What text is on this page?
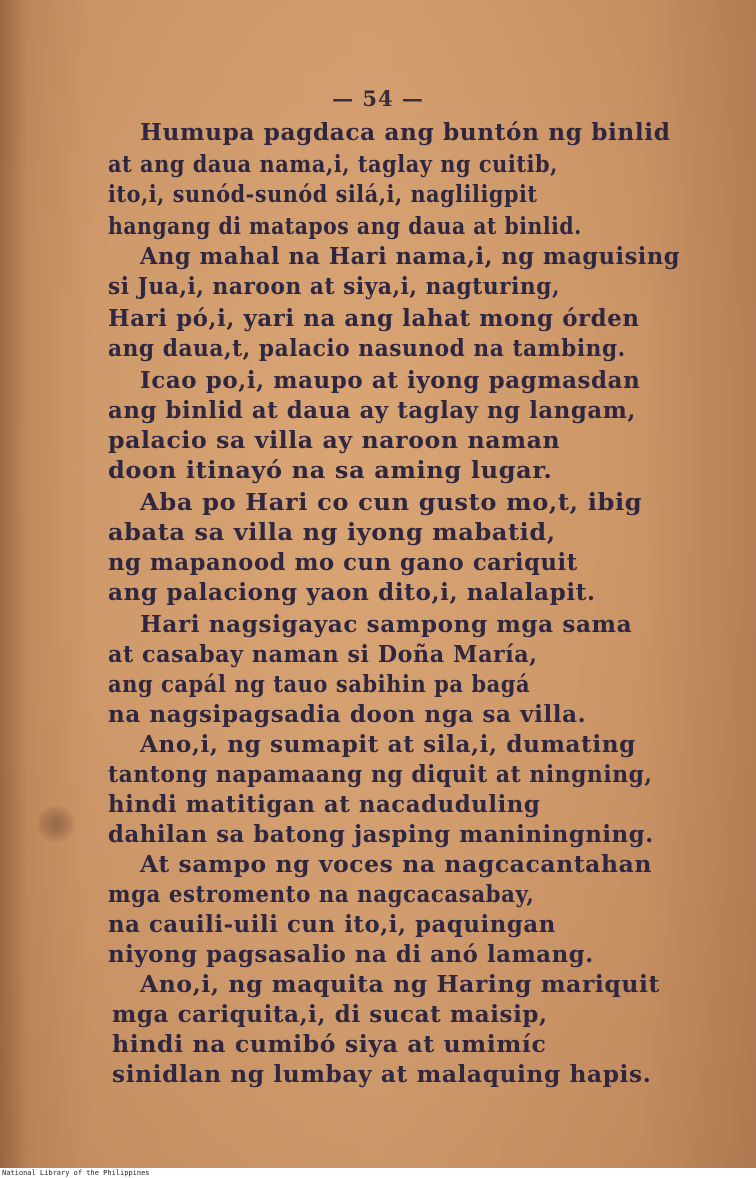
— 54 —
Humupa pagdaca ang buntón ng binlid
at ang daua nama,i, taglay ng cuitib,
ito,i, sunód-sunód silá,i, nagliligpit
hangang di matapos ang daua at binlid.
Ang mahal na Hari nama,i, ng maguising
si Jua,i, naroon at siya,i, nagturing,
Hari pó,i, yari na ang lahat mong órden
ang daua,t, palacio nasunod na tambing.
Icao po,i, maupo at iyong pagmasdan
ang binlid at daua ay taglay ng langam,
palacio sa villa ay naroon naman
doon itinayó na sa aming lugar.
Aba po Hari co cun gusto mo,t, ibig
abata sa villa ng iyong mabatid,
ng mapanood mo cun gano cariquit
ang palaciong yaon dito,i, nalalapit.
Hari nagsigayac sampong mga sama
at casabay naman si Doña María,
ang capál ng tauo sabihin pa bagá
na nagsipagsadia doon nga sa villa.
Ano,i, ng sumapit at sila,i, dumating
tantong napamaang ng diquit at ningning,
hindi matitigan at nacaduduling
dahilan sa batong jasping maniningning.
At sampo ng voces na nagcacantahan
mga estromento na nagcacasabay,
na cauili-uili cun ito,i, paquingan
niyong pagsasalio na di anó lamang.
Ano,i, ng maquita ng Haring mariquit
mga cariquita,i, di sucat maisip,
hindi na cumibó siya at umimíc
sinidlan ng lumbay at malaquing hapis.
National Library of the Philippines
